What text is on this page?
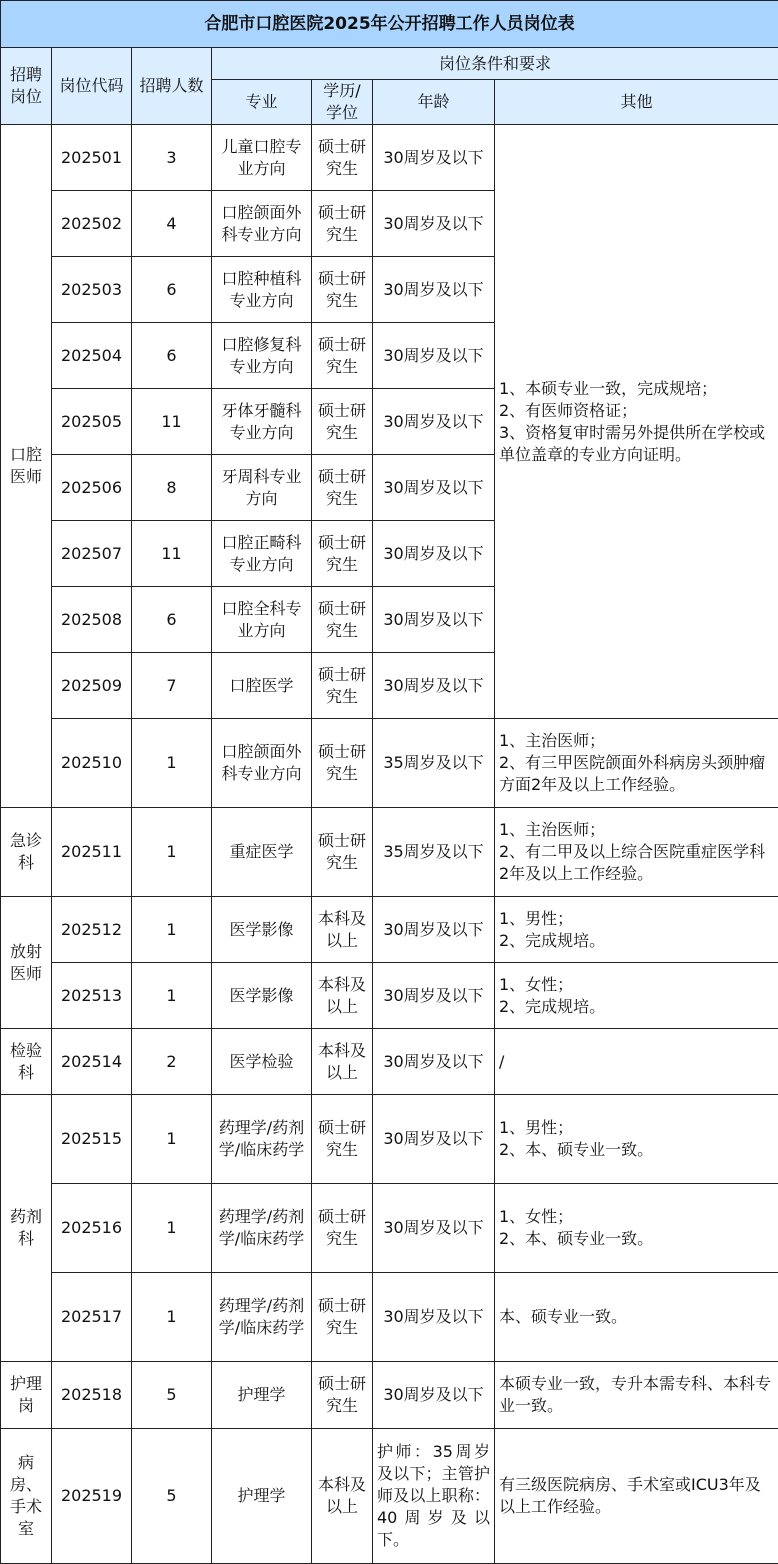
合肥市口腔医院2025年公开招聘工作人员岗位表						
招聘岗位	岗位代码	招聘人数	岗位条件和要求			
			专业	学历/学位	年龄	其他
口腔医师	202501	3	儿童口腔专业方向	硕士研究生	30周岁及以下	1、本硕专业一致，完成规培；
2、有医师资格证；
3、资格复审时需另外提供所在学校或单位盖章的专业方向证明。
	202502	4	口腔颌面外科专业方向	硕士研究生	30周岁及以下	
	202503	6	口腔种植科专业方向	硕士研究生	30周岁及以下	
	202504	6	口腔修复科专业方向	硕士研究生	30周岁及以下	
	202505	11	牙体牙髓科专业方向	硕士研究生	30周岁及以下	
	202506	8	牙周科专业方向	硕士研究生	30周岁及以下	
	202507	11	口腔正畸科专业方向	硕士研究生	30周岁及以下	
	202508	6	口腔全科专业方向	硕士研究生	30周岁及以下	
	202509	7	口腔医学	硕士研究生	30周岁及以下	
	202510	1	口腔颌面外科专业方向	硕士研究生	35周岁及以下	1、主治医师；
2、有三甲医院颌面外科病房头颈肿瘤方面2年及以上工作经验。
急诊科	202511	1	重症医学	硕士研究生	35周岁及以下	1、主治医师；
2、有二甲及以上综合医院重症医学科2年及以上工作经验。
放射医师	202512	1	医学影像	本科及以上	30周岁及以下	1、男性；
2、完成规培。
	202513	1	医学影像	本科及以上	30周岁及以下	1、女性；
2、完成规培。
检验科	202514	2	医学检验	本科及以上	30周岁及以下	/
药剂科	202515	1	药理学/药剂学/临床药学	硕士研究生	30周岁及以下	1、男性；
2、本、硕专业一致。
	202516	1	药理学/药剂学/临床药学	硕士研究生	30周岁及以下	1、女性；
2、本、硕专业一致。
	202517	1	药理学/药剂学/临床药学	硕士研究生	30周岁及以下	本、硕专业一致。
护理岗	202518	5	护理学	硕士研究生	30周岁及以下	本硕专业一致，专升本需专科、本科专业一致。
病房、手术室	202519	5	护理学	本科及以上	护师：35周岁及以下；主管护师及以上职称：40周岁及以下。	有三级医院病房、手术室或ICU3年及以上工作经验。
